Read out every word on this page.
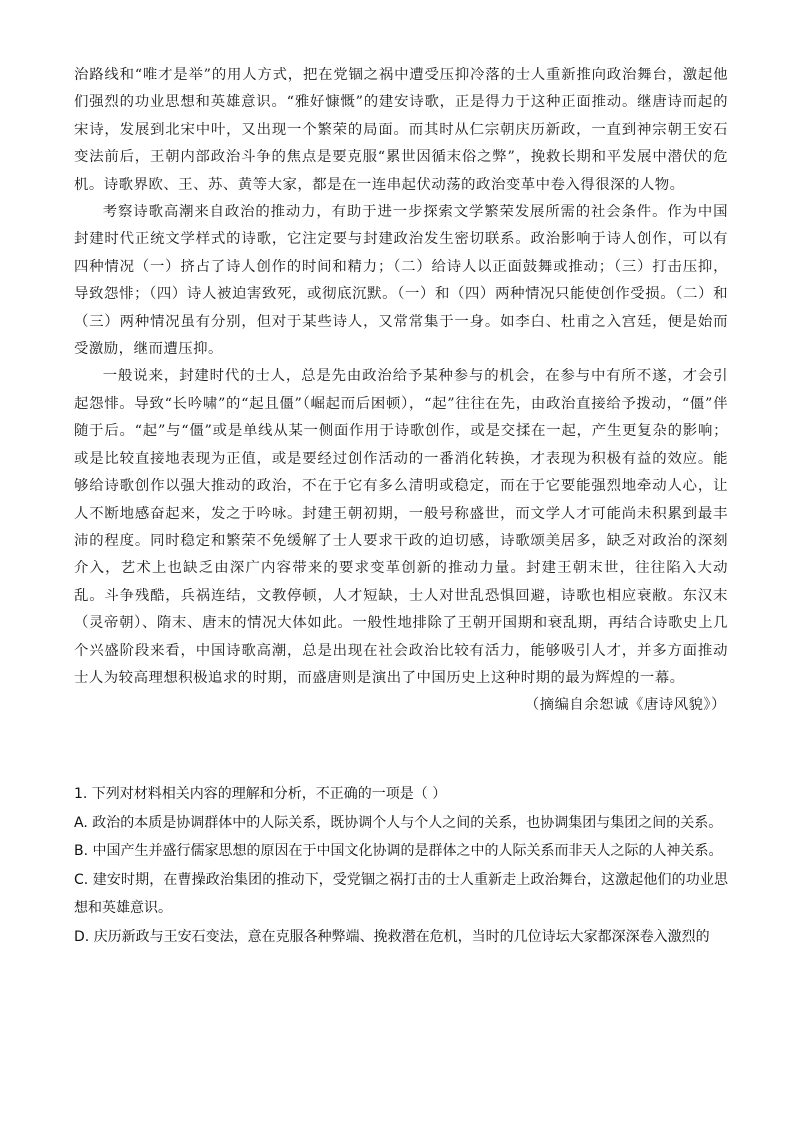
治路线和“唯才是举”的用人方式，把在党锢之祸中遭受压抑冷落的士人重新推向政治舞台，激起他们强烈的功业思想和英雄意识。“雅好慷慨”的建安诗歌，正是得力于这种正面推动。继唐诗而起的宋诗，发展到北宋中叶，又出现一个繁荣的局面。而其时从仁宗朝庆历新政，一直到神宗朝王安石变法前后，王朝内部政治斗争的焦点是要克服“累世因循末俗之弊”，挽救长期和平发展中潜伏的危机。诗歌界欧、王、苏、黄等大家，都是在一连串起伏动荡的政治变革中卷入得很深的人物。

考察诗歌高潮来自政治的推动力，有助于进一步探索文学繁荣发展所需的社会条件。作为中国封建时代正统文学样式的诗歌，它注定要与封建政治发生密切联系。政治影响于诗人创作，可以有四种情况（一）挤占了诗人创作的时间和精力；（二）给诗人以正面鼓舞或推动；（三）打击压抑，导致怨悱；（四）诗人被迫害致死，或彻底沉默。（一）和（四）两种情况只能使创作受损。（二）和（三）两种情况虽有分别，但对于某些诗人，又常常集于一身。如李白、杜甫之入宫廷，便是始而受激励，继而遭压抑。

一般说来，封建时代的士人，总是先由政治给予某种参与的机会，在参与中有所不遂，才会引起怨悱。导致“长吟啸”的“起且僵”（崛起而后困顿），“起”往往在先，由政治直接给予拨动，“僵”伴随于后。“起”与“僵”或是单线从某一侧面作用于诗歌创作，或是交揉在一起，产生更复杂的影响；或是比较直接地表现为正值，或是要经过创作活动的一番消化转换，才表现为积极有益的效应。能够给诗歌创作以强大推动的政治，不在于它有多么清明或稳定，而在于它要能强烈地牵动人心，让人不断地感奋起来，发之于吟咏。封建王朝初期，一般号称盛世，而文学人才可能尚未积累到最丰沛的程度。同时稳定和繁荣不免缓解了士人要求干政的迫切感，诗歌颂美居多，缺乏对政治的深刻介入，艺术上也缺乏由深广内容带来的要求变革创新的推动力量。封建王朝末世，往往陷入大动乱。斗争残酷，兵祸连结，文教停顿，人才短缺，士人对世乱恐惧回避，诗歌也相应衰敝。东汉末（灵帝朝）、隋末、唐末的情况大体如此。一般性地排除了王朝开国期和衰乱期，再结合诗歌史上几个兴盛阶段来看，中国诗歌高潮，总是出现在社会政治比较有活力，能够吸引人才，并多方面推动士人为较高理想积极追求的时期，而盛唐则是演出了中国历史上这种时期的最为辉煌的一幕。

（摘编自余恕诚《唐诗风貌》）

1. 下列对材料相关内容的理解和分析，不正确的一项是（ ）

A. 政治的本质是协调群体中的人际关系，既协调个人与个人之间的关系，也协调集团与集团之间的关系。

B. 中国产生并盛行儒家思想的原因在于中国文化协调的是群体之中的人际关系而非天人之际的人神关系。

C. 建安时期，在曹操政治集团的推动下，受党锢之祸打击的士人重新走上政治舞台，这激起他们的功业思想和英雄意识。

D. 庆历新政与王安石变法，意在克服各种弊端、挽救潜在危机，当时的几位诗坛大家都深深卷入激烈的
